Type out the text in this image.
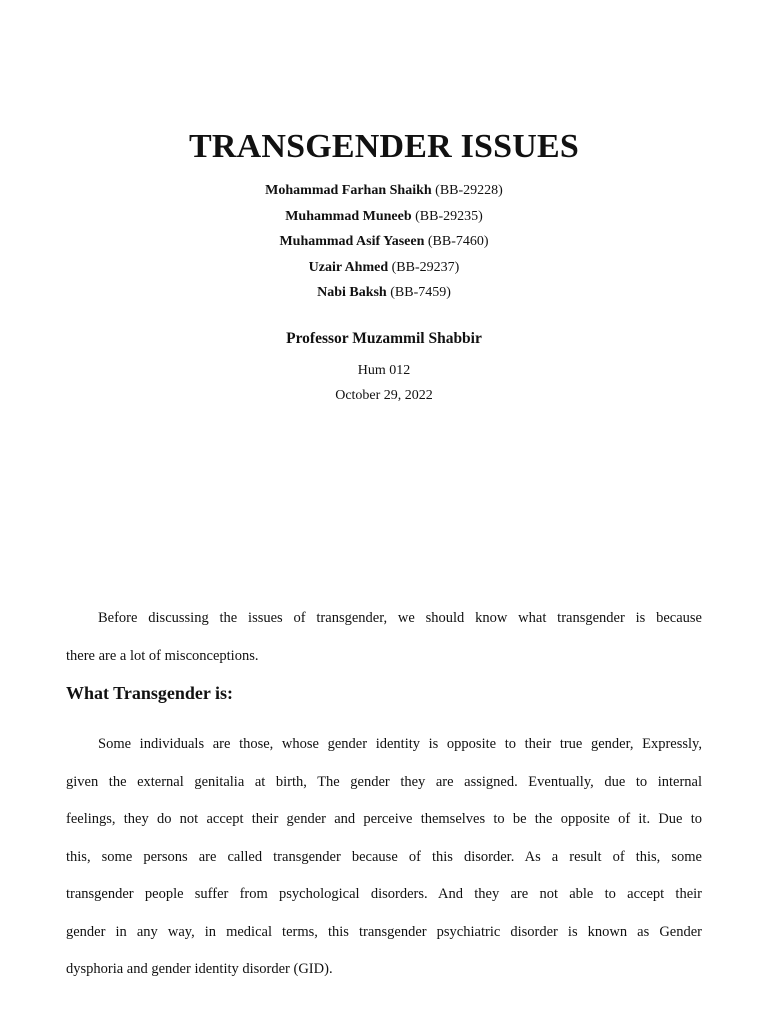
TRANSGENDER ISSUES
Mohammad Farhan Shaikh (BB-29228)
Muhammad Muneeb (BB-29235)
Muhammad Asif Yaseen (BB-7460)
Uzair Ahmed (BB-29237)
Nabi Baksh (BB-7459)
Professor Muzammil Shabbir
Hum 012
October 29, 2022
Before discussing the issues of transgender, we should know what transgender is because
there are a lot of misconceptions.
What Transgender is:
Some individuals are those, whose gender identity is opposite to their true gender, Expressly,
given the external genitalia at birth, The gender they are assigned. Eventually, due to internal
feelings, they do not accept their gender and perceive themselves to be the opposite of it. Due to
this, some persons are called transgender because of this disorder. As a result of this, some
transgender people suffer from psychological disorders. And they are not able to accept their
gender in any way, in medical terms, this transgender psychiatric disorder is known as Gender
dysphoria and gender identity disorder (GID).
